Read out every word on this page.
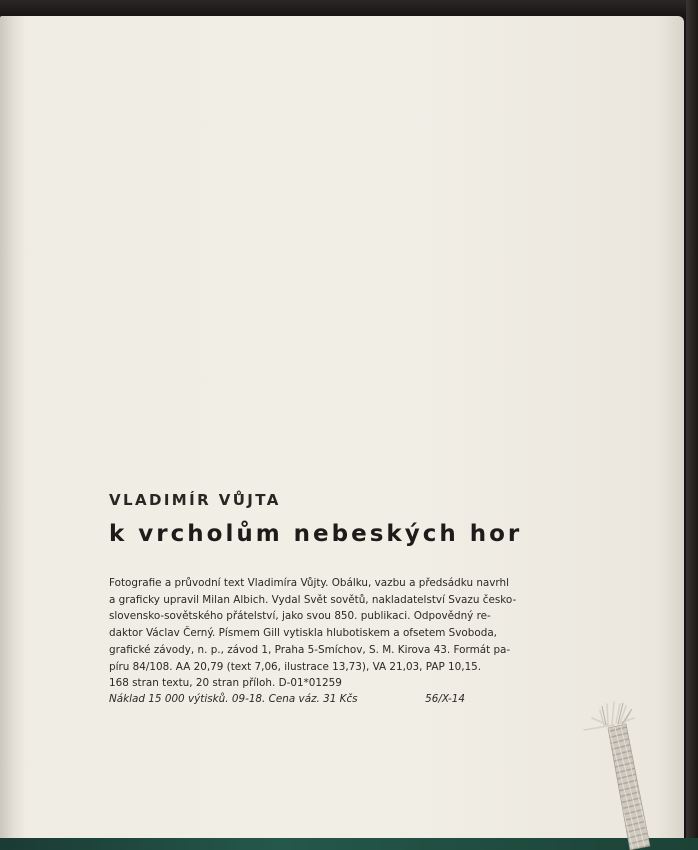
VLADIMÍR VŮJTA
k vrcholům nebeských hor
Fotografie a průvodní text Vladimíra Vůjty. Obálku, vazbu a předsádku navrhl
a graficky upravil Milan Albich. Vydal Svět sovětů, nakladatelství Svazu česko-
slovensko-sovětského přátelství, jako svou 850. publikaci. Odpovědný re-
daktor Václav Černý. Písmem Gill vytiskla hlubotiskem a ofsetem Svoboda,
grafické závody, n. p., závod 1, Praha 5-Smíchov, S. M. Kirova 43. Formát pa-
píru 84/108. AA 20,79 (text 7,06, ilustrace 13,73), VA 21,03, PAP 10,15.
168 stran textu, 20 stran příloh. D-01*01259
Náklad 15 000 výtisků. 09-18. Cena váz. 31 Kčs	56/X-14
